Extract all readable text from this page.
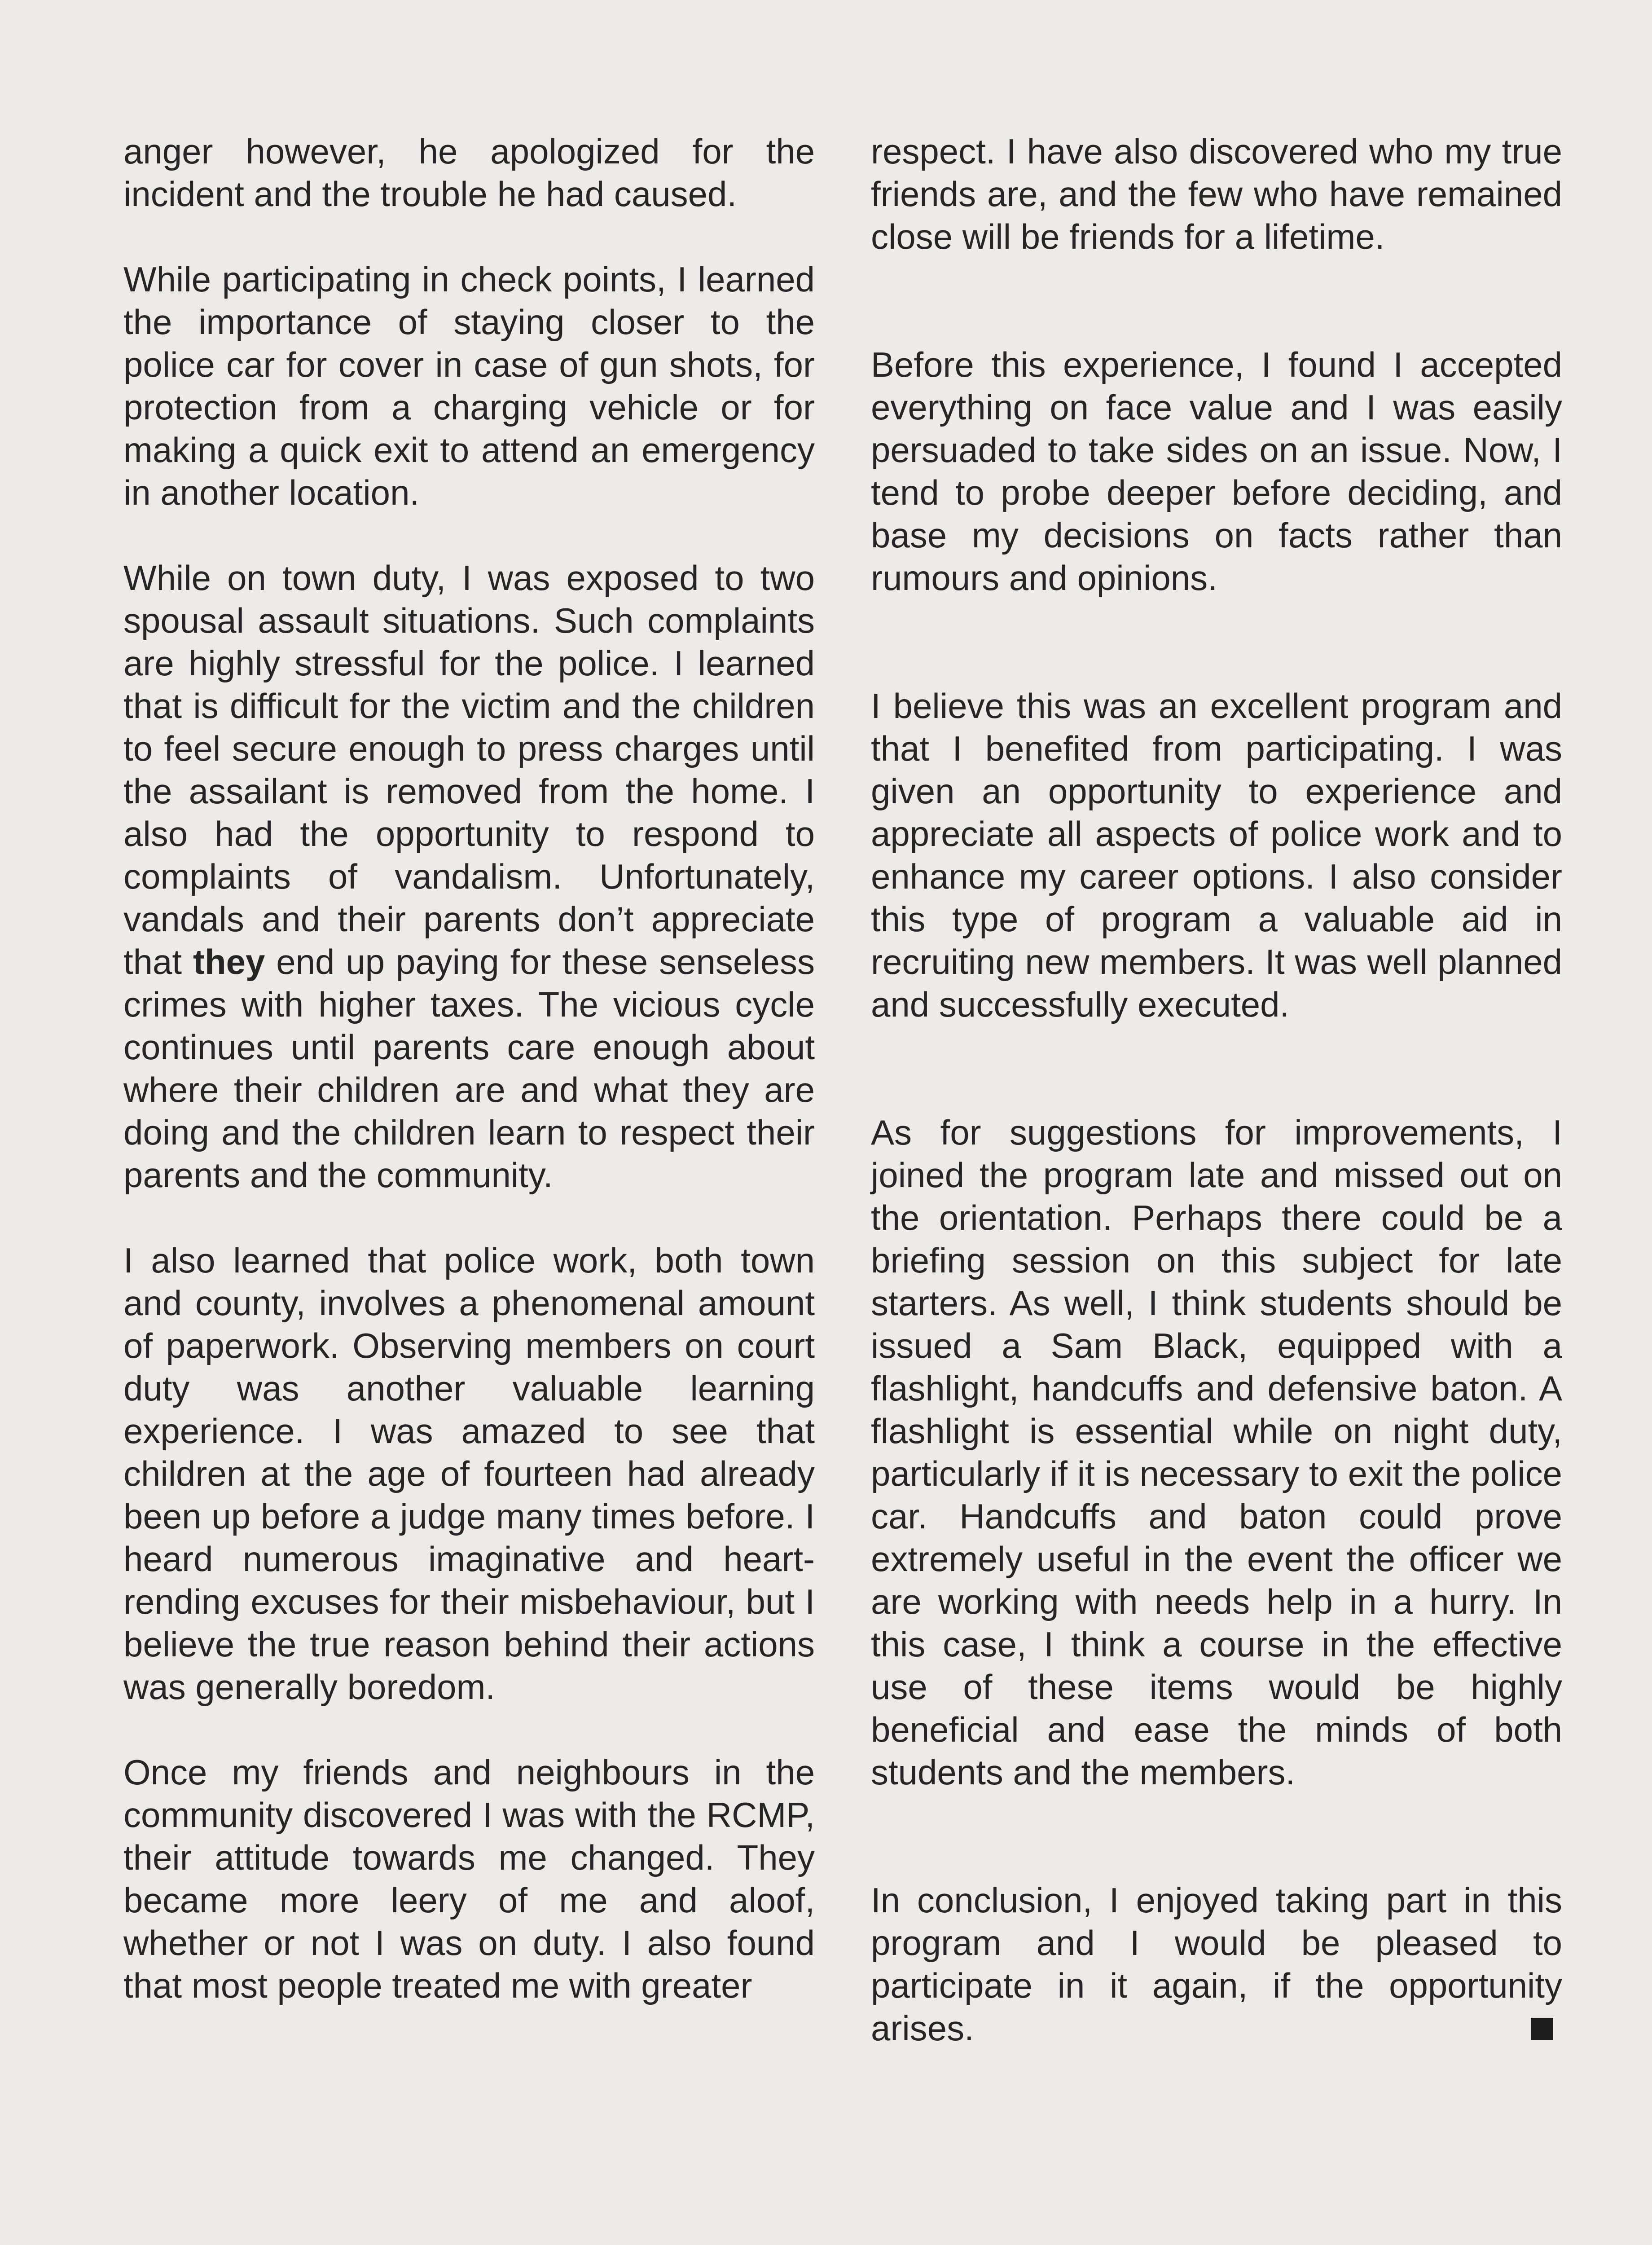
anger however, he apologized for the incident and the trouble he had caused.

While participating in check points, I learned the importance of staying closer to the police car for cover in case of gun shots, for protection from a charging vehicle or for making a quick exit to attend an emergency in another location.

While on town duty, I was exposed to two spousal assault situations. Such complaints are highly stressful for the police. I learned that is difficult for the victim and the children to feel secure enough to press charges until the assailant is removed from the home. I also had the opportunity to respond to complaints of vandalism. Unfortunately, vandals and their parents don’t appreciate that they end up paying for these senseless crimes with higher taxes. The vicious cycle continues until parents care enough about where their children are and what they are doing and the children learn to respect their parents and the community.

I also learned that police work, both town and county, involves a phenomenal amount of paperwork. Observing members on court duty was another valuable learning experience. I was amazed to see that children at the age of fourteen had already been up before a judge many times before. I heard numerous imaginative and heart-rending excuses for their misbehaviour, but I believe the true reason behind their actions was generally boredom.

Once my friends and neighbours in the community discovered I was with the RCMP, their attitude towards me changed. They became more leery of me and aloof, whether or not I was on duty. I also found that most people treated me with greater

respect. I have also discovered who my true friends are, and the few who have remained close will be friends for a lifetime.

Before this experience, I found I accepted everything on face value and I was easily persuaded to take sides on an issue. Now, I tend to probe deeper before deciding, and base my decisions on facts rather than rumours and opinions.

I believe this was an excellent program and that I benefited from participating. I was given an opportunity to experience and appreciate all aspects of police work and to enhance my career options. I also consider this type of program a valuable aid in recruiting new members. It was well planned and successfully executed.

As for suggestions for improvements, I joined the program late and missed out on the orientation. Perhaps there could be a briefing session on this subject for late starters. As well, I think students should be issued a Sam Black, equipped with a flashlight, handcuffs and defensive baton. A flashlight is essential while on night duty, particularly if it is necessary to exit the police car. Handcuffs and baton could prove extremely useful in the event the officer we are working with needs help in a hurry. In this case, I think a course in the effective use of these items would be highly beneficial and ease the minds of both students and the members.

In conclusion, I enjoyed taking part in this program and I would be pleased to participate in it again, if the opportunity arises.
